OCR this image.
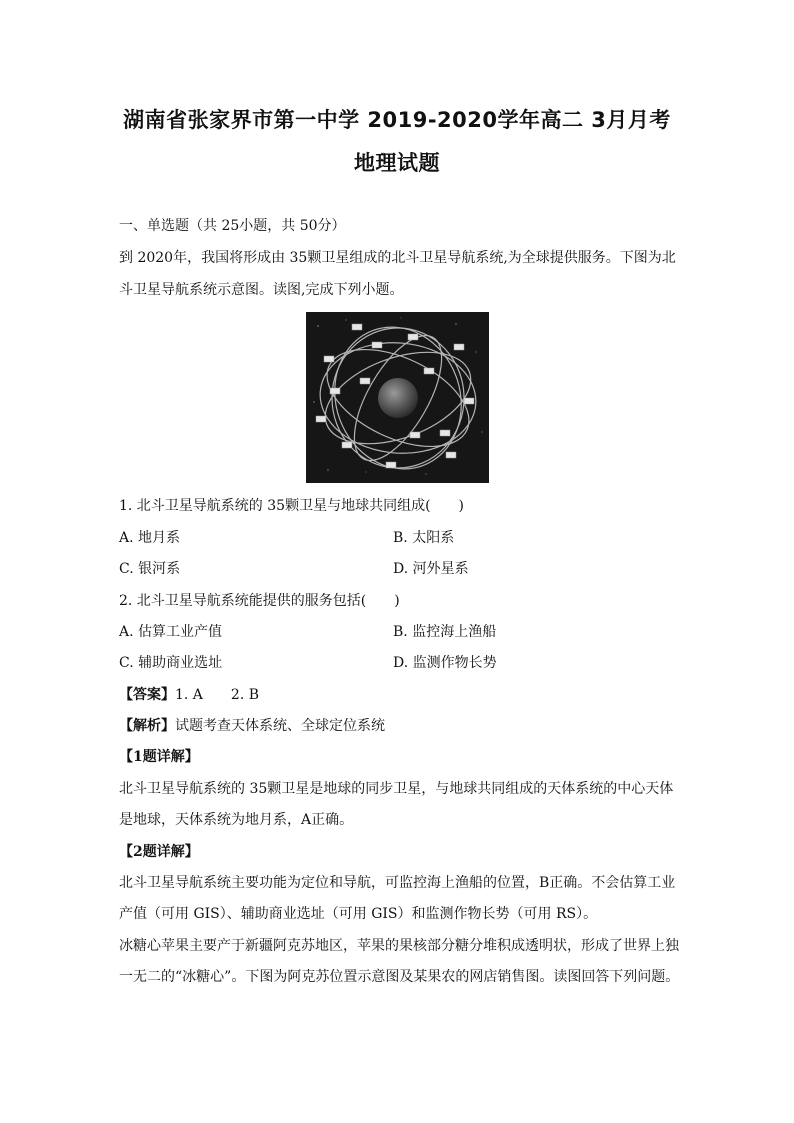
湖南省张家界市第一中学 2019-2020学年高二 3月月考
地理试题
一、单选题（共 25小题，共 50分）
到 2020年，我国将形成由 35颗卫星组成的北斗卫星导航系统,为全球提供服务。下图为北
斗卫星导航系统示意图。读图,完成下列小题。
1. 北斗卫星导航系统的 35颗卫星与地球共同组成(　　)
A. 地月系	B. 太阳系
C. 银河系	D. 河外星系
2. 北斗卫星导航系统能提供的服务包括(　　)
A. 估算工业产值	B. 监控海上渔船
C. 辅助商业选址	D. 监测作物长势
【答案】1. A　　2. B
【解析】试题考查天体系统、全球定位系统
【1题详解】
北斗卫星导航系统的 35颗卫星是地球的同步卫星，与地球共同组成的天体系统的中心天体
是地球，天体系统为地月系，A正确。
【2题详解】
北斗卫星导航系统主要功能为定位和导航，可监控海上渔船的位置，B正确。不会估算工业
产值（可用 GIS）、辅助商业选址（可用 GIS）和监测作物长势（可用 RS）。
冰糖心苹果主要产于新疆阿克苏地区，苹果的果核部分糖分堆积成透明状，形成了世界上独
一无二的“冰糖心”。下图为阿克苏位置示意图及某果农的网店销售图。读图回答下列问题。
